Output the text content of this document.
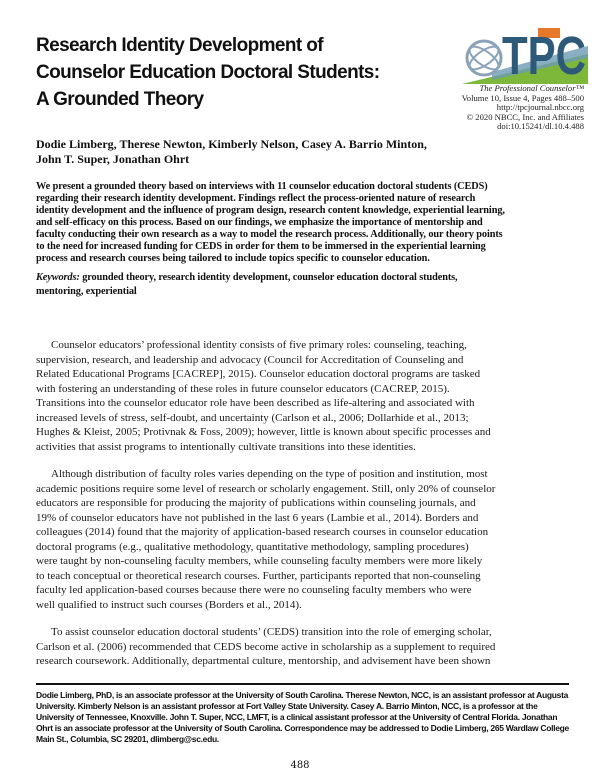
Research Identity Development of
Counselor Education Doctoral Students:
A Grounded Theory
TPC
The Professional Counselor™
Volume 10, Issue 4, Pages 488–500
http://tpcjournal.nbcc.org
© 2020 NBCC, Inc. and Affiliates
doi:10.15241/dl.10.4.488
Dodie Limberg, Therese Newton, Kimberly Nelson, Casey A. Barrio Minton,
John T. Super, Jonathan Ohrt
We present a grounded theory based on interviews with 11 counselor education doctoral students (CEDS)
regarding their research identity development. Findings reflect the process-oriented nature of research
identity development and the influence of program design, research content knowledge, experiential learning,
and self-efficacy on this process. Based on our findings, we emphasize the importance of mentorship and
faculty conducting their own research as a way to model the research process. Additionally, our theory points
to the need for increased funding for CEDS in order for them to be immersed in the experiential learning
process and research courses being tailored to include topics specific to counselor education.
Keywords: grounded theory, research identity development, counselor education doctoral students,
mentoring, experiential
Counselor educators’ professional identity consists of five primary roles: counseling, teaching,
supervision, research, and leadership and advocacy (Council for Accreditation of Counseling and
Related Educational Programs [CACREP], 2015). Counselor education doctoral programs are tasked
with fostering an understanding of these roles in future counselor educators (CACREP, 2015).
Transitions into the counselor educator role have been described as life-altering and associated with
increased levels of stress, self-doubt, and uncertainty (Carlson et al., 2006; Dollarhide et al., 2013;
Hughes & Kleist, 2005; Protivnak & Foss, 2009); however, little is known about specific processes and
activities that assist programs to intentionally cultivate transitions into these identities.
Although distribution of faculty roles varies depending on the type of position and institution, most
academic positions require some level of research or scholarly engagement. Still, only 20% of counselor
educators are responsible for producing the majority of publications within counseling journals, and
19% of counselor educators have not published in the last 6 years (Lambie et al., 2014). Borders and
colleagues (2014) found that the majority of application-based research courses in counselor education
doctoral programs (e.g., qualitative methodology, quantitative methodology, sampling procedures)
were taught by non-counseling faculty members, while counseling faculty members were more likely
to teach conceptual or theoretical research courses. Further, participants reported that non-counseling
faculty led application-based courses because there were no counseling faculty members who were
well qualified to instruct such courses (Borders et al., 2014).
To assist counselor education doctoral students’ (CEDS) transition into the role of emerging scholar,
Carlson et al. (2006) recommended that CEDS become active in scholarship as a supplement to required
research coursework. Additionally, departmental culture, mentorship, and advisement have been shown
Dodie Limberg, PhD, is an associate professor at the University of South Carolina. Therese Newton, NCC, is an assistant professor at Augusta University. Kimberly Nelson is an assistant professor at Fort Valley State University. Casey A. Barrio Minton, NCC, is a professor at the University of Tennessee, Knoxville. John T. Super, NCC, LMFT, is a clinical assistant professor at the University of Central Florida. Jonathan Ohrt is an associate professor at the University of South Carolina. Correspondence may be addressed to Dodie Limberg, 265 Wardlaw College Main St., Columbia, SC 29201, dlimberg@sc.edu.
488
